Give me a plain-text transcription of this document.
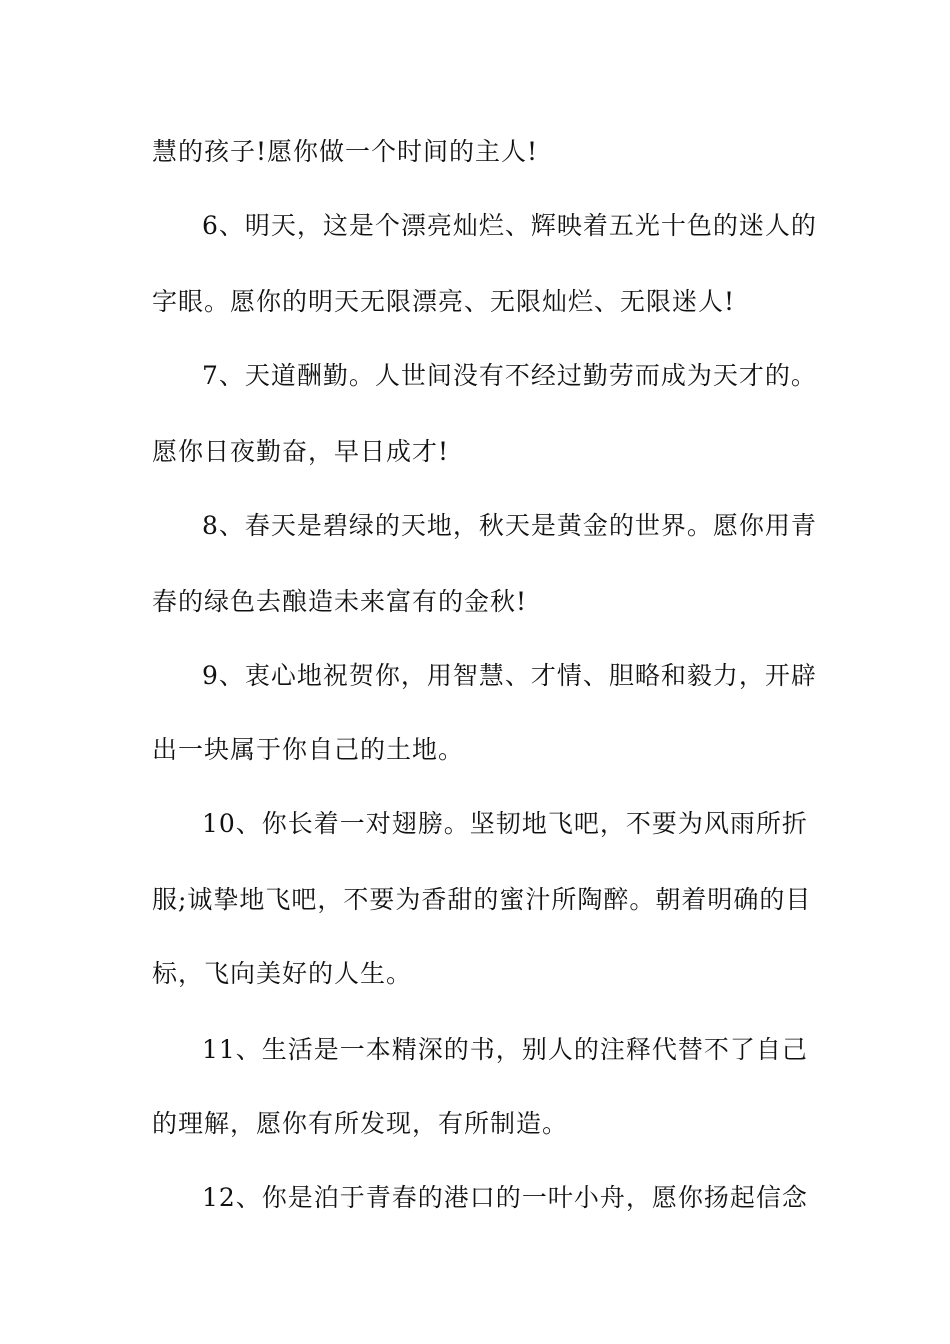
慧的孩子!愿你做一个时间的主人!
6、明天，这是个漂亮灿烂、辉映着五光十色的迷人的
字眼。愿你的明天无限漂亮、无限灿烂、无限迷人!
7、天道酬勤。人世间没有不经过勤劳而成为天才的。
愿你日夜勤奋，早日成才!
8、春天是碧绿的天地，秋天是黄金的世界。愿你用青
春的绿色去酿造未来富有的金秋!
9、衷心地祝贺你，用智慧、才情、胆略和毅力，开辟
出一块属于你自己的土地。
10、你长着一对翅膀。坚韧地飞吧，不要为风雨所折
服;诚挚地飞吧，不要为香甜的蜜汁所陶醉。朝着明确的目
标，飞向美好的人生。
11、生活是一本精深的书，别人的注释代替不了自己
的理解，愿你有所发现，有所制造。
12、你是泊于青春的港口的一叶小舟，愿你扬起信念
